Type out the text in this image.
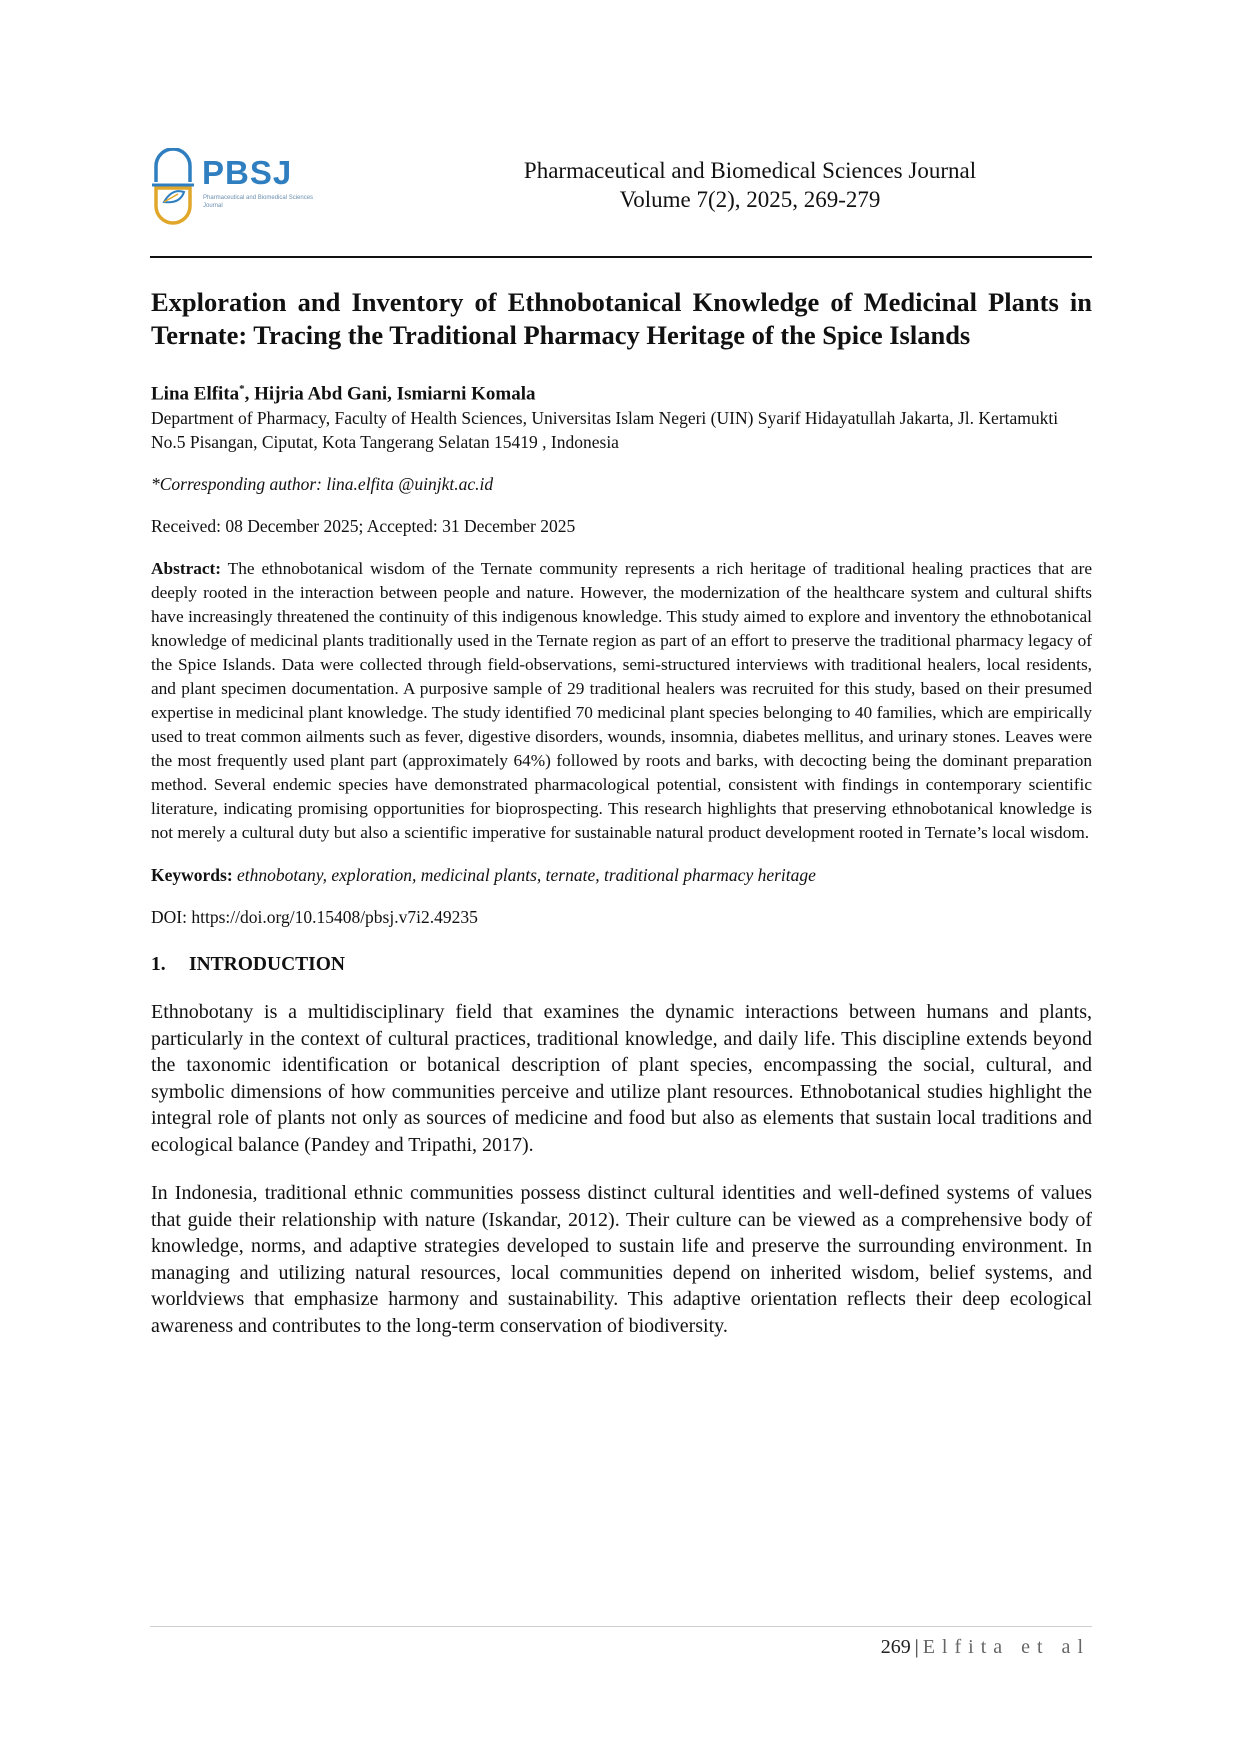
PBSJ
Pharmaceutical and Biomedical Sciences Journal
Pharmaceutical and Biomedical Sciences Journal
Volume 7(2), 2025, 269-279
Exploration and Inventory of Ethnobotanical Knowledge of Medicinal Plants in Ternate: Tracing the Traditional Pharmacy Heritage of the Spice Islands
Lina Elfita*, Hijria Abd Gani, Ismiarni Komala
Department of Pharmacy, Faculty of Health Sciences, Universitas Islam Negeri (UIN) Syarif Hidayatullah Jakarta, Jl. Kertamukti No.5 Pisangan, Ciputat, Kota Tangerang Selatan 15419 , Indonesia
*Corresponding author: lina.elfita @uinjkt.ac.id
Received: 08 December 2025; Accepted: 31 December 2025
Abstract: The ethnobotanical wisdom of the Ternate community represents a rich heritage of traditional healing practices that are deeply rooted in the interaction between people and nature. However, the modernization of the healthcare system and cultural shifts have increasingly threatened the continuity of this indigenous knowledge. This study aimed to explore and inventory the ethnobotanical knowledge of medicinal plants traditionally used in the Ternate region as part of an effort to preserve the traditional pharmacy legacy of the Spice Islands. Data were collected through field-observations, semi-structured interviews with traditional healers, local residents, and plant specimen documentation. A purposive sample of 29 traditional healers was recruited for this study, based on their presumed expertise in medicinal plant knowledge. The study identified 70 medicinal plant species belonging to 40 families, which are empirically used to treat common ailments such as fever, digestive disorders, wounds, insomnia, diabetes mellitus, and urinary stones. Leaves were the most frequently used plant part (approximately 64%) followed by roots and barks, with decocting being the dominant preparation method. Several endemic species have demonstrated pharmacological potential, consistent with findings in contemporary scientific literature, indicating promising opportunities for bioprospecting. This research highlights that preserving ethnobotanical knowledge is not merely a cultural duty but also a scientific imperative for sustainable natural product development rooted in Ternate’s local wisdom.
Keywords: ethnobotany, exploration, medicinal plants, ternate, traditional pharmacy heritage
DOI: https://doi.org/10.15408/pbsj.v7i2.49235
1. INTRODUCTION
Ethnobotany is a multidisciplinary field that examines the dynamic interactions between humans and plants, particularly in the context of cultural practices, traditional knowledge, and daily life. This discipline extends beyond the taxonomic identification or botanical description of plant species, encompassing the social, cultural, and symbolic dimensions of how communities perceive and utilize plant resources. Ethnobotanical studies highlight the integral role of plants not only as sources of medicine and food but also as elements that sustain local traditions and ecological balance (Pandey and Tripathi, 2017).
In Indonesia, traditional ethnic communities possess distinct cultural identities and well-defined systems of values that guide their relationship with nature (Iskandar, 2012). Their culture can be viewed as a comprehensive body of knowledge, norms, and adaptive strategies developed to sustain life and preserve the surrounding environment. In managing and utilizing natural resources, local communities depend on inherited wisdom, belief systems, and worldviews that emphasize harmony and sustainability. This adaptive orientation reflects their deep ecological awareness and contributes to the long-term conservation of biodiversity.
269 | Elfita et al
